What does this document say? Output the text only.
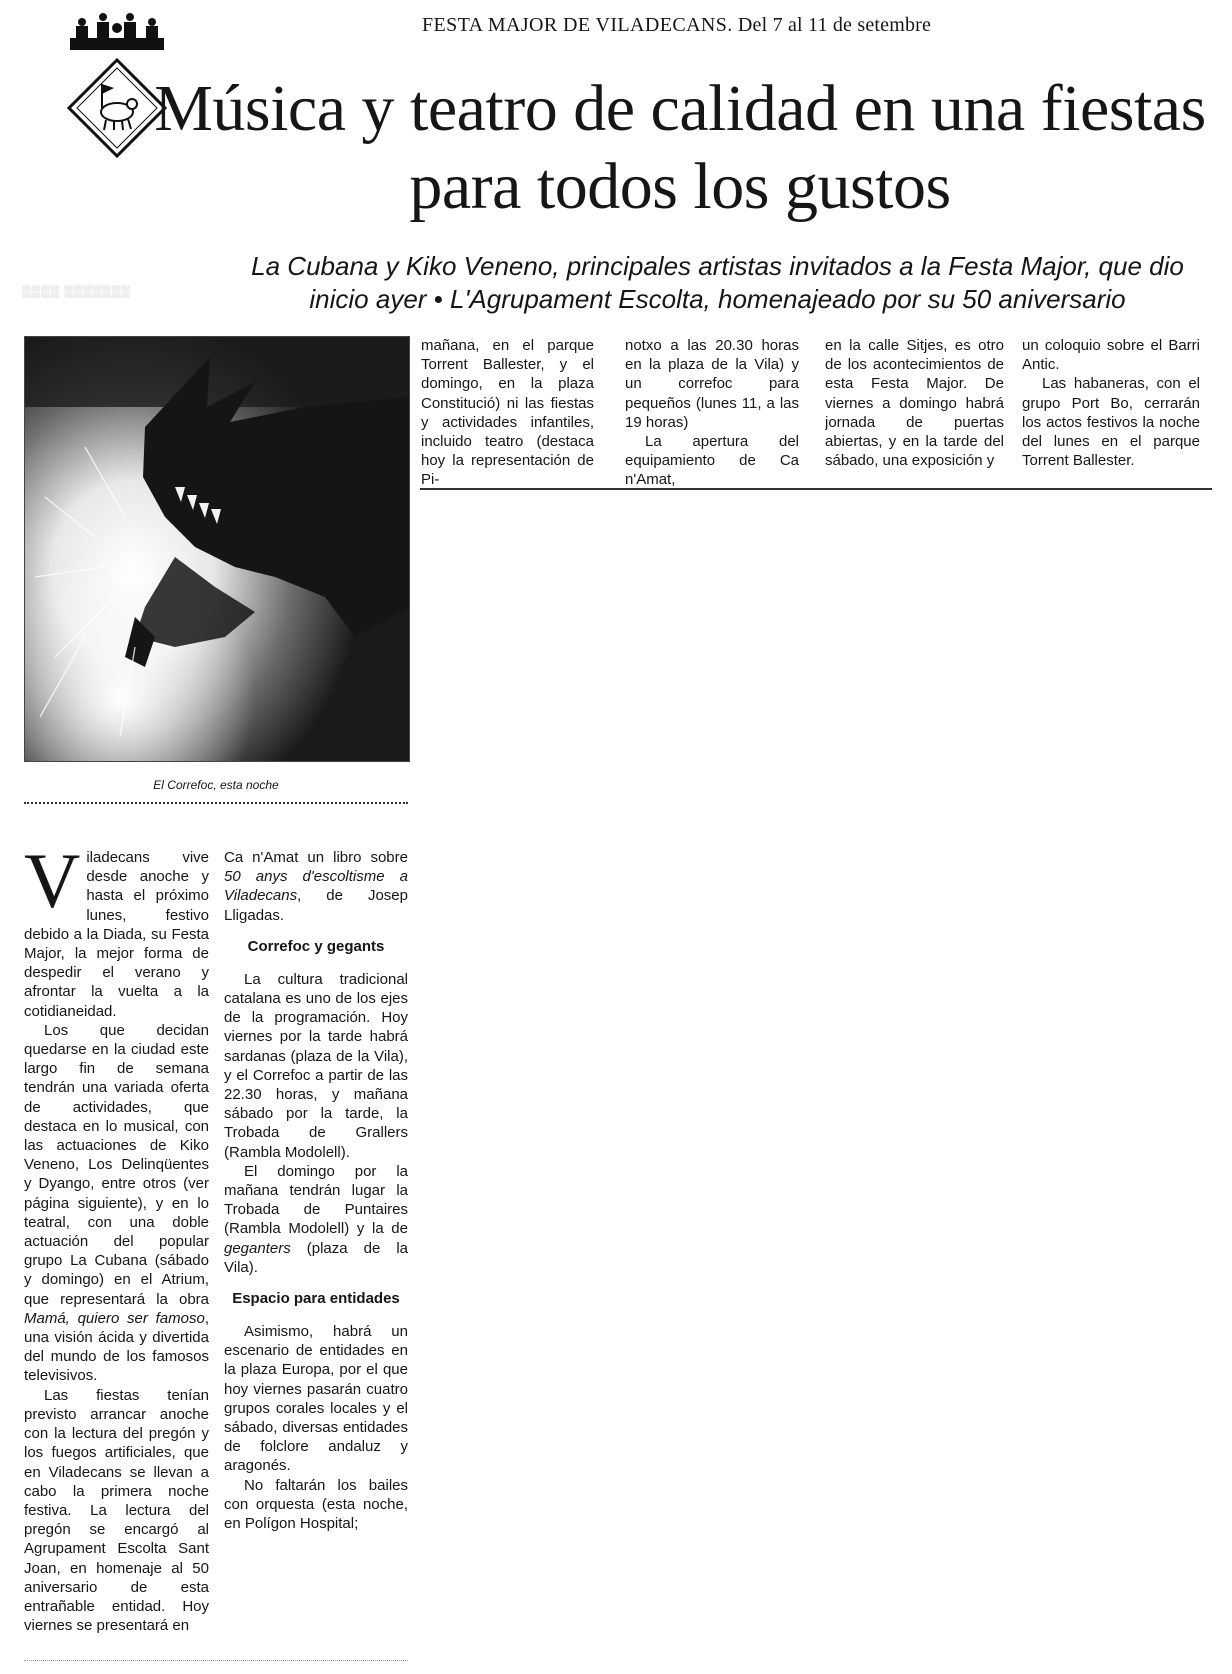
▒▒▒▒ ▒▒▒▒▒▒▒
FESTA MAJOR DE VILADECANS. Del 7 al 11 de setembre
Música y teatro de calidad en una fiestas para todos los gustos

La Cubana y Kiko Veneno, principales artistas invitados a la Festa Major, que dio inicio ayer • L'Agrupament Escolta, homenajeado por su 50 aniversario

El Correfoc, esta noche

mañana, en el parque Torrent Ballester, y el domingo, en la plaza Constitució) ni las fiestas y actividades infantiles, incluido teatro (destaca hoy la representación de Pi-

notxo a las 20.30 horas en la plaza de la Vila) y un correfoc para pequeños (lunes 11, a las 19 horas)

La apertura del equipamiento de Ca n'Amat,

en la calle Sitjes, es otro de los acontecimientos de esta Festa Major. De viernes a domingo habrá jornada de puertas abiertas, y en la tarde del sábado, una exposición y

un coloquio sobre el Barri Antic.

Las habaneras, con el grupo Port Bo, cerrarán los actos festivos la noche del lunes en el parque Torrent Ballester.

Viladecans vive desde anoche y hasta el próximo lunes, festivo debido a la Diada, su Festa Major, la mejor forma de despedir el verano y afrontar la vuelta a la cotidianeidad.

Los que decidan quedarse en la ciudad este largo fin de semana tendrán una variada oferta de actividades, que destaca en lo musical, con las actuaciones de Kiko Veneno, Los Delinqüentes y Dyango, entre otros (ver página siguiente), y en lo teatral, con una doble actuación del popular grupo La Cubana (sábado y domingo) en el Atrium, que representará la obra Mamá, quiero ser famoso, una visión ácida y divertida del mundo de los famosos televisivos.

Las fiestas tenían previsto arrancar anoche con la lectura del pregón y los fuegos artificiales, que en Viladecans se llevan a cabo la primera noche festiva. La lectura del pregón se encargó al Agrupament Escolta Sant Joan, en homenaje al 50 aniversario de esta entrañable entidad. Hoy viernes se presentará en

Ca n'Amat un libro sobre 50 anys d'escoltisme a Viladecans, de Josep Lligadas.

Correfoc y gegants

La cultura tradicional catalana es uno de los ejes de la programación. Hoy viernes por la tarde habrá sardanas (plaza de la Vila), y el Correfoc a partir de las 22.30 horas, y mañana sábado por la tarde, la Trobada de Grallers (Rambla Modolell).

El domingo por la mañana tendrán lugar la Trobada de Puntaires (Rambla Modolell) y la de geganters (plaza de la Vila).

Espacio para entidades

Asimismo, habrá un escenario de entidades en la plaza Europa, por el que hoy viernes pasarán cuatro grupos corales locales y el sábado, diversas entidades de folclore andaluz y aragonés.

No faltarán los bailes con orquesta (esta noche, en Polígon Hospital;
